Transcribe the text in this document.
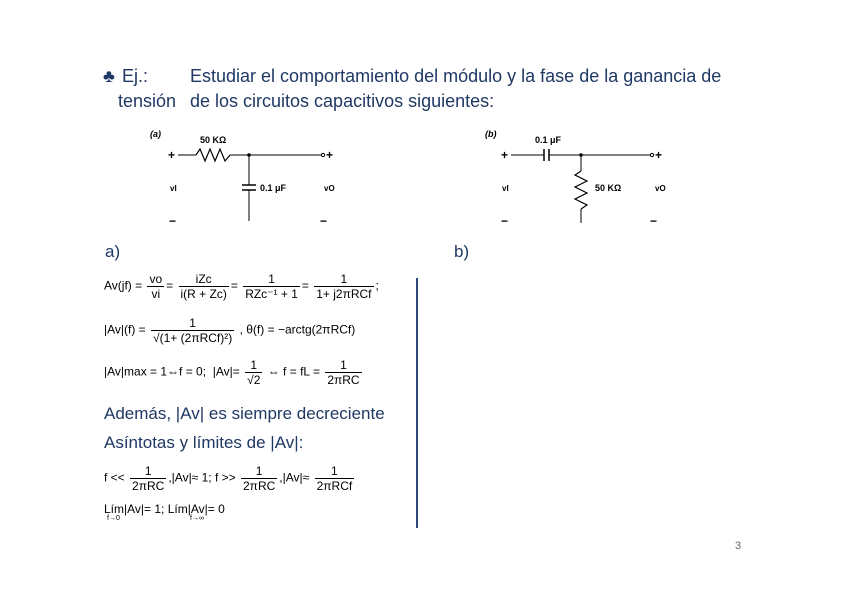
♣ Ej.: Estudiar el comportamiento del módulo y la fase de la ganancia de
tensión de los circuitos capacitivos siguientes:
(a)
50 KΩ
+	+
0.1 μF
vI	vO
−	−
(b)
0.1 μF
+	+
50 KΩ
vI	vO
−	−
a)	b)
$Av(jf) = \frac{vo}{vi} = \frac{\text{iZc}}{i(R + Zc)} = \frac{1}{\text{RZc⁻¹ + 1}} = \frac{1}{\text{1+ j2πRCf}}$ ;
$|Av|(f) = \frac{1}{\text{√(1+ (2πRCf)²)}}$ , θ(f) = −arctg(2πRCf)
|Av|max = 1⇔f = 0; $|Av|= \frac{1}{√2}$ ⇔ f = fL = $\frac{1}{\text{2πRC}}$
Además, |Av| es siempre decreciente
Asíntotas y límites de |Av|:
$f << \frac{1}{\text{2πRC}} ,|Av|\approx 1$; $f >> \frac{1}{\text{2πRC}} ,|Av|\approx \frac{1}{\text{2πRCf}}$
Lím|Av|= 1; Lím|Av|= 0
f→0	f→∞
3
